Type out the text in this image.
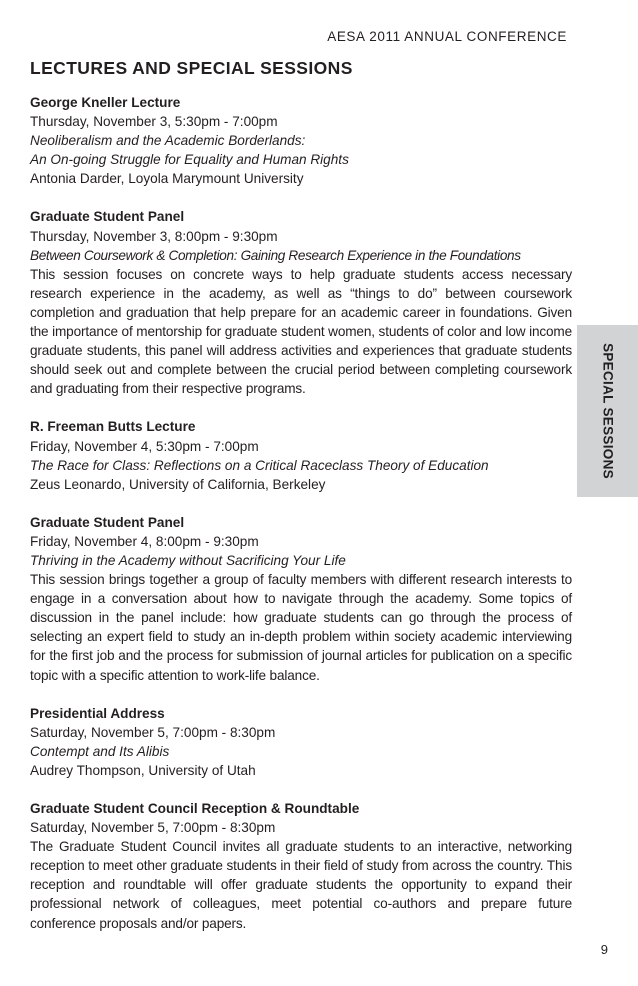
AESA 2011 ANNUAL CONFERENCE
LECTURES AND SPECIAL SESSIONS
George Kneller Lecture
Thursday, November 3, 5:30pm - 7:00pm
Neoliberalism and the Academic Borderlands:
An On-going Struggle for Equality and Human Rights
Antonia Darder, Loyola Marymount University
Graduate Student Panel
Thursday, November 3, 8:00pm - 9:30pm
Between Coursework & Completion: Gaining Research Experience in the Foundations
This session focuses on concrete ways to help graduate students access necessary research experience in the academy, as well as “things to do” between coursework completion and graduation that help prepare for an academic career in foundations. Given the importance of mentorship for graduate student women, students of color and low income graduate students, this panel will address activities and experiences that graduate students should seek out and complete between the crucial period between completing coursework and graduating from their respective programs.
R. Freeman Butts Lecture
Friday, November 4, 5:30pm - 7:00pm
The Race for Class: Reflections on a Critical Raceclass Theory of Education
Zeus Leonardo, University of California, Berkeley
Graduate Student Panel
Friday, November 4, 8:00pm - 9:30pm
Thriving in the Academy without Sacrificing Your Life
This session brings together a group of faculty members with different research interests to engage in a conversation about how to navigate through the academy. Some topics of discussion in the panel include: how graduate students can go through the process of selecting an expert field to study an in-depth problem within society academic interviewing for the first job and the process for submission of journal articles for publication on a specific topic with a specific attention to work-life balance.
Presidential Address
Saturday, November 5, 7:00pm - 8:30pm
Contempt and Its Alibis
Audrey Thompson, University of Utah
Graduate Student Council Reception & Roundtable
Saturday, November 5, 7:00pm - 8:30pm
The Graduate Student Council invites all graduate students to an interactive, networking reception to meet other graduate students in their field of study from across the country. This reception and roundtable will offer graduate students the opportunity to expand their professional network of colleagues, meet potential co-authors and prepare future conference proposals and/or papers.
SPECIAL SESSIONS
9
